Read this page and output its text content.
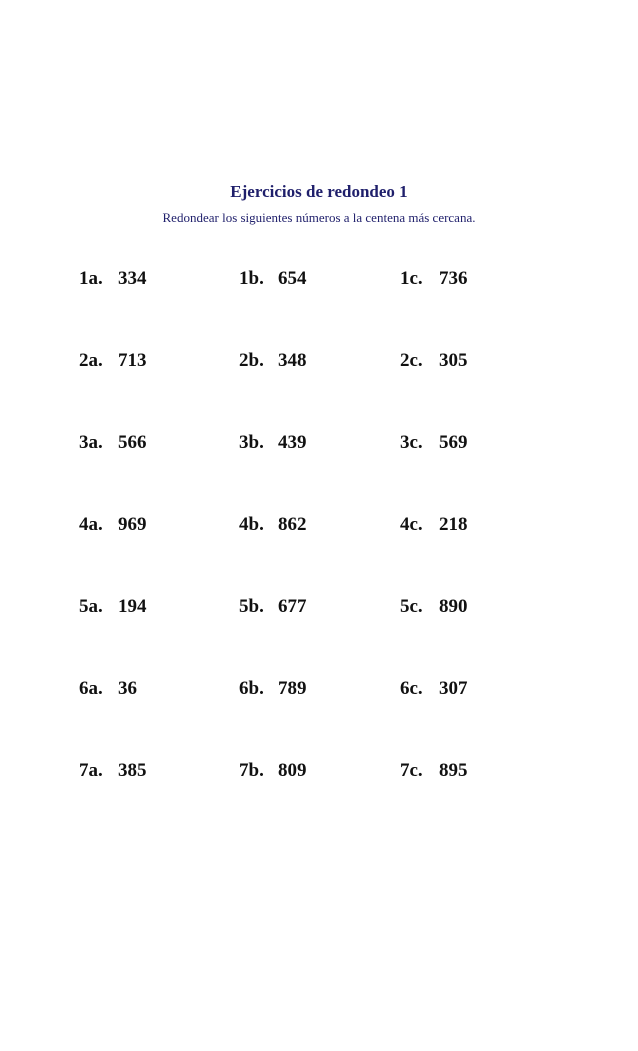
Ejercicios de redondeo 1

Redondear los siguientes números a la centena más cercana.

1a. 334	1b. 654	1c. 736
2a. 713	2b. 348	2c. 305
3a. 566	3b. 439	3c. 569
4a. 969	4b. 862	4c. 218
5a. 194	5b. 677	5c. 890
6a. 36	6b. 789	6c. 307
7a. 385	7b. 809	7c. 895
